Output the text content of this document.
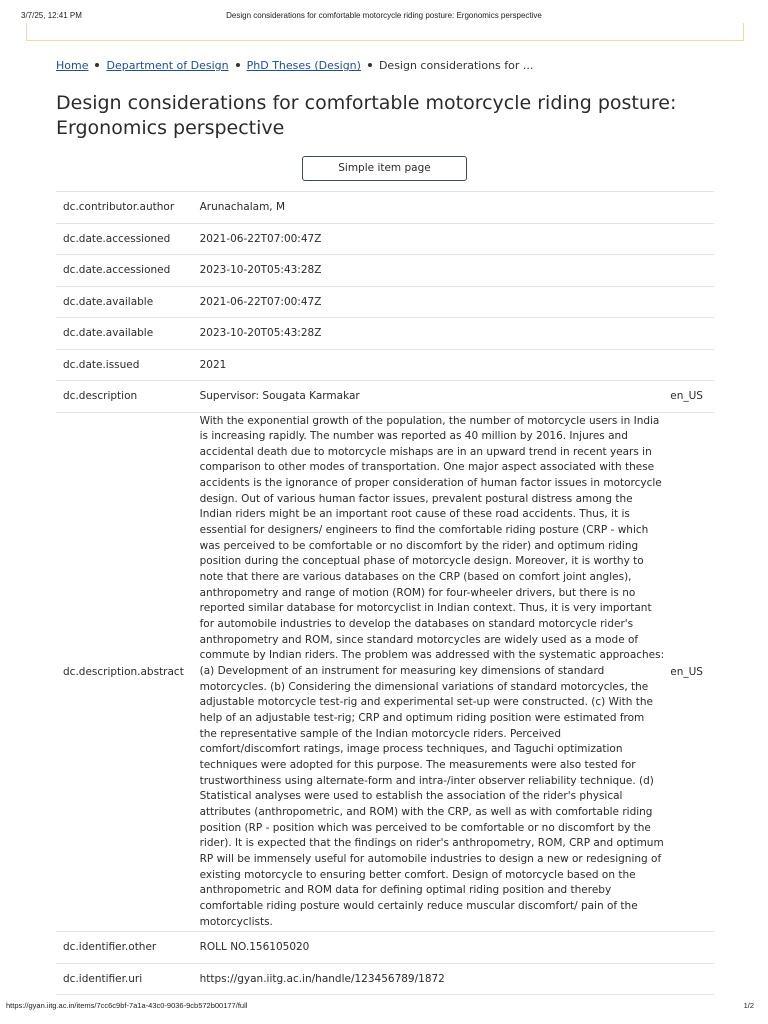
3/7/25, 12:41 PM	Design considerations for comfortable motorcycle riding posture: Ergonomics perspective
Home Department of Design PhD Theses (Design) Design considerations for ...
Design considerations for comfortable motorcycle riding posture: Ergonomics perspective
Simple item page
dc.contributor.author	Arunachalam, M	
dc.date.accessioned	2021-06-22T07:00:47Z	
dc.date.accessioned	2023-10-20T05:43:28Z	
dc.date.available	2021-06-22T07:00:47Z	
dc.date.available	2023-10-20T05:43:28Z	
dc.date.issued	2021	
dc.description	Supervisor: Sougata Karmakar	en_US
dc.description.abstract	With the exponential growth of the population, the number of motorcycle users in India is increasing rapidly. The number was reported as 40 million by 2016. Injures and accidental death due to motorcycle mishaps are in an upward trend in recent years in comparison to other modes of transportation. One major aspect associated with these accidents is the ignorance of proper consideration of human factor issues in motorcycle design. Out of various human factor issues, prevalent postural distress among the Indian riders might be an important root cause of these road accidents. Thus, it is essential for designers/ engineers to find the comfortable riding posture (CRP - which was perceived to be comfortable or no discomfort by the rider) and optimum riding position during the conceptual phase of motorcycle design. Moreover, it is worthy to note that there are various databases on the CRP (based on comfort joint angles), anthropometry and range of motion (ROM) for four-wheeler drivers, but there is no reported similar database for motorcyclist in Indian context. Thus, it is very important for automobile industries to develop the databases on standard motorcycle rider's anthropometry and ROM, since standard motorcycles are widely used as a mode of commute by Indian riders. The problem was addressed with the systematic approaches: (a) Development of an instrument for measuring key dimensions of standard motorcycles. (b) Considering the dimensional variations of standard motorcycles, the adjustable motorcycle test-rig and experimental set-up were constructed. (c) With the help of an adjustable test-rig; CRP and optimum riding position were estimated from the representative sample of the Indian motorcycle riders. Perceived comfort/discomfort ratings, image process techniques, and Taguchi optimization techniques were adopted for this purpose. The measurements were also tested for trustworthiness using alternate-form and intra-/inter observer reliability technique. (d) Statistical analyses were used to establish the association of the rider's physical attributes (anthropometric, and ROM) with the CRP, as well as with comfortable riding position (RP - position which was perceived to be comfortable or no discomfort by the rider). It is expected that the findings on rider's anthropometry, ROM, CRP and optimum RP will be immensely useful for automobile industries to design a new or redesigning of existing motorcycle to ensuring better comfort. Design of motorcycle based on the anthropometric and ROM data for defining optimal riding position and thereby comfortable riding posture would certainly reduce muscular discomfort/ pain of the motorcyclists.	en_US
dc.identifier.other	ROLL NO.156105020	
dc.identifier.uri	https://gyan.iitg.ac.in/handle/123456789/1872	
https://gyan.iitg.ac.in/items/7cc6c9bf-7a1a-43c0-9036-9cb572b00177/full	1/2
